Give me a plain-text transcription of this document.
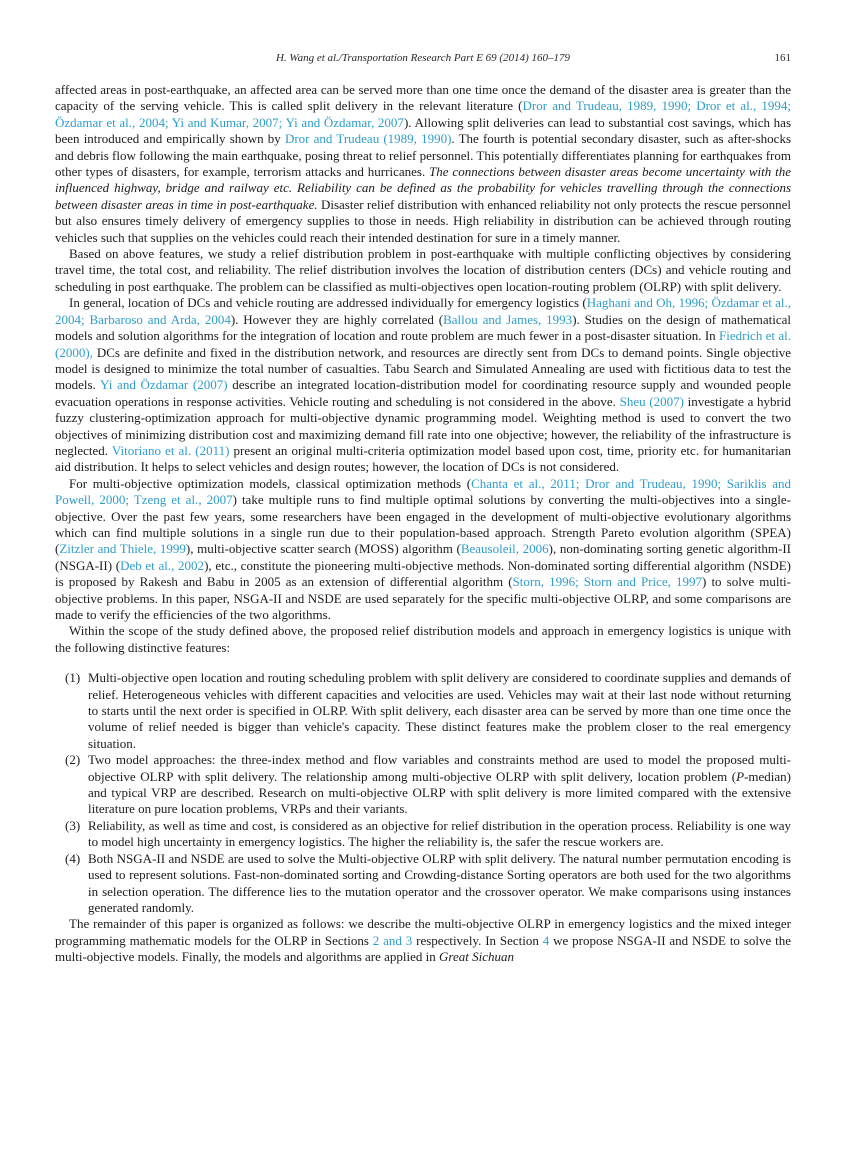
H. Wang et al./Transportation Research Part E 69 (2014) 160–179	161

affected areas in post-earthquake, an affected area can be served more than one time once the demand of the disaster area is greater than the capacity of the serving vehicle. This is called split delivery in the relevant literature (Dror and Trudeau, 1989, 1990; Dror et al., 1994; Özdamar et al., 2004; Yi and Kumar, 2007; Yi and Özdamar, 2007). Allowing split deliveries can lead to substantial cost savings, which has been introduced and empirically shown by Dror and Trudeau (1989, 1990). The fourth is potential secondary disaster, such as after-shocks and debris flow following the main earthquake, posing threat to relief personnel. This potentially differentiates planning for earthquakes from other types of disasters, for example, terrorism attacks and hurricanes. The connections between disaster areas become uncertainty with the influenced highway, bridge and railway etc. Reliability can be defined as the probability for vehicles travelling through the connections between disaster areas in time in post-earthquake. Disaster relief distribution with enhanced reliability not only protects the rescue personnel but also ensures timely delivery of emergency supplies to those in needs. High reliability in distribution can be achieved through routing vehicles such that supplies on the vehicles could reach their intended destination for sure in a timely manner.

Based on above features, we study a relief distribution problem in post-earthquake with multiple conflicting objectives by considering travel time, the total cost, and reliability. The relief distribution involves the location of distribution centers (DCs) and vehicle routing and scheduling in post earthquake. The problem can be classified as multi-objectives open location-routing problem (OLRP) with split delivery.

In general, location of DCs and vehicle routing are addressed individually for emergency logistics (Haghani and Oh, 1996; Özdamar et al., 2004; Barbaroso and Arda, 2004). However they are highly correlated (Ballou and James, 1993). Studies on the design of mathematical models and solution algorithms for the integration of location and route problem are much fewer in a post-disaster situation. In Fiedrich et al. (2000), DCs are definite and fixed in the distribution network, and resources are directly sent from DCs to demand points. Single objective model is designed to minimize the total number of casualties. Tabu Search and Simulated Annealing are used with fictitious data to test the models. Yi and Özdamar (2007) describe an integrated location-distribution model for coordinating resource supply and wounded people evacuation operations in response activities. Vehicle routing and scheduling is not considered in the above. Sheu (2007) investigate a hybrid fuzzy clustering-optimization approach for multi-objective dynamic programming model. Weighting method is used to convert the two objectives of minimizing distribution cost and maximizing demand fill rate into one objective; however, the reliability of the infrastructure is neglected. Vitoriano et al. (2011) present an original multi-criteria optimization model based upon cost, time, priority etc. for humanitarian aid distribution. It helps to select vehicles and design routes; however, the location of DCs is not considered.

For multi-objective optimization models, classical optimization methods (Chanta et al., 2011; Dror and Trudeau, 1990; Sariklis and Powell, 2000; Tzeng et al., 2007) take multiple runs to find multiple optimal solutions by converting the multi-objectives into a single-objective. Over the past few years, some researchers have been engaged in the development of multi-objective evolutionary algorithms which can find multiple solutions in a single run due to their population-based approach. Strength Pareto evolution algorithm (SPEA) (Zitzler and Thiele, 1999), multi-objective scatter search (MOSS) algorithm (Beausoleil, 2006), non-dominating sorting genetic algorithm-II (NSGA-II) (Deb et al., 2002), etc., constitute the pioneering multi-objective methods. Non-dominated sorting differential algorithm (NSDE) is proposed by Rakesh and Babu in 2005 as an extension of differential algorithm (Storn, 1996; Storn and Price, 1997) to solve multi-objective problems. In this paper, NSGA-II and NSDE are used separately for the specific multi-objective OLRP, and some comparisons are made to verify the efficiencies of the two algorithms.

Within the scope of the study defined above, the proposed relief distribution models and approach in emergency logistics is unique with the following distinctive features:

(1) Multi-objective open location and routing scheduling problem with split delivery are considered to coordinate supplies and demands of relief. Heterogeneous vehicles with different capacities and velocities are used. Vehicles may wait at their last node without returning to starts until the next order is specified in OLRP. With split delivery, each disaster area can be served by more than one time once the volume of relief needed is bigger than vehicle's capacity. These distinct features make the problem closer to the real emergency situation.
(2) Two model approaches: the three-index method and flow variables and constraints method are used to model the proposed multi-objective OLRP with split delivery. The relationship among multi-objective OLRP with split delivery, location problem (P-median) and typical VRP are described. Research on multi-objective OLRP with split delivery is more limited compared with the extensive literature on pure location problems, VRPs and their variants.
(3) Reliability, as well as time and cost, is considered as an objective for relief distribution in the operation process. Reliability is one way to model high uncertainty in emergency logistics. The higher the reliability is, the safer the rescue workers are.
(4) Both NSGA-II and NSDE are used to solve the Multi-objective OLRP with split delivery. The natural number permutation encoding is used to represent solutions. Fast-non-dominated sorting and Crowding-distance Sorting operators are both used for the two algorithms in selection operation. The difference lies to the mutation operator and the crossover operator. We make comparisons using instances generated randomly.

The remainder of this paper is organized as follows: we describe the multi-objective OLRP in emergency logistics and the mixed integer programming mathematic models for the OLRP in Sections 2 and 3 respectively. In Section 4 we propose NSGA-II and NSDE to solve the multi-objective models. Finally, the models and algorithms are applied in Great Sichuan
